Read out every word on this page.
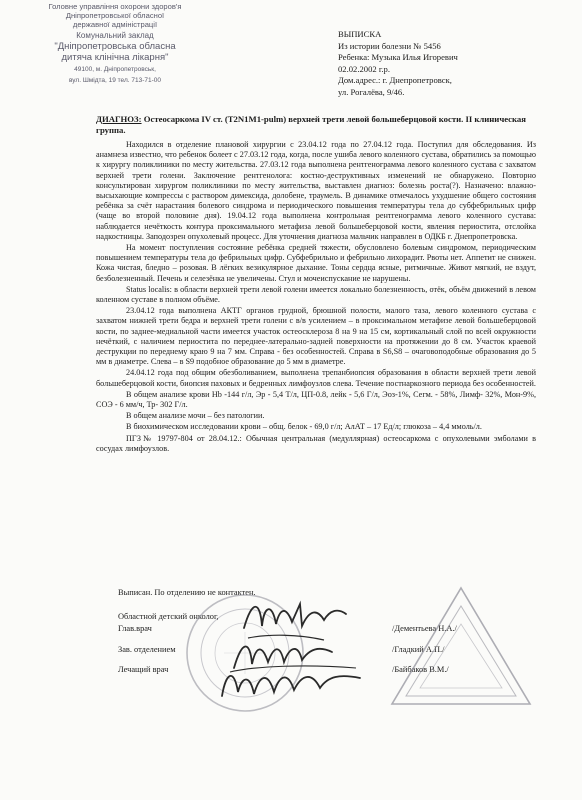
Головне управління охорони здоров'я
Дніпропетровської обласної
державної адміністрації
Комунальний заклад
"Дніпропетровська обласна
дитяча клінічна лікарня"
49100, м. Дніпропетровськ,
вул. Шмідта, 19 тел. 713-71-00
ВЫПИСКА
Из истории болезни № 5456
Ребенка: Музыка Илья Игоревич
02.02.2002 г.р.
Дом.адрес.: г. Днепропетровск,
ул. Рогалёва, 9/46.
ДИАГНОЗ: Остеосаркома IV ст. (T2N1M1-pulm) верхней трети левой большеберцовой кости. II клиническая группа.

Находился в отделение плановой хирургии с 23.04.12 года по 27.04.12 года. Поступил для обследования. Из анамнеза известно, что ребенок болеет с 27.03.12 года, когда, после ушиба левого коленного сустава, обратились за помощью к хирургу поликлиники по месту жительства. 27.03.12 года выполнена рентгенограмма левого коленного сустава с захватом верхней трети голени. Заключение рентгенолога: костно-деструктивных изменений не обнаружено. Повторно консультирован хирургом поликлиники по месту жительства, выставлен диагноз: болезнь роста(?). Назначено: влажно-высыхающие компрессы с раствором димексида, долобене, траумель. В динамике отмечалось ухудшение общего состояния ребёнка за счёт нарастания болевого синдрома и периодического повышения температуры тела до субфебрильных цифр (чаще во второй половине дня). 19.04.12 года выполнена контрольная рентгенограмма левого коленного сустава: наблюдается нечёткость контура проксимального метафиза левой большеберцовой кости, явления периостита, отслойка надкостницы. Заподозрен опухолевый процесс. Для уточнения диагноза мальчик направлен в ОДКБ г. Днепропетровска.

На момент поступления состояние ребёнка средней тяжести, обусловлено болевым синдромом, периодическим повышением температуры тела до фебрильных цифр. Субфебрильно и фебрильно лихорадит. Рвоты нет. Аппетит не снижен. Кожа чистая, бледно – розовая. В лёгких везикулярное дыхание. Тоны сердца ясные, ритмичные. Живот мягкий, не вздут, безболезненный. Печень и селезёнка не увеличены. Стул и мочеиспускание не нарушены.

Status localis: в области верхней трети левой голени имеется локально болезненность, отёк, объём движений в левом коленном суставе в полном объёме.

23.04.12 года выполнена АКТГ органов грудной, брюшной полости, малого таза, левого коленного сустава с захватом нижней трети бедра и верхней трети голени с в/в усилением – в проксимальном метафизе левой большеберцовой кости, по заднее-медиальной части имеется участок остеосклероза 8 на 9 на 15 см, кортикальный слой по всей окружности нечёткий, с наличием периостита по переднее-латерально-задней поверхности на протяжении до 8 см. Участок краевой деструкции по переднему краю 9 на 7 мм. Справа - без особенностей. Справа в S6,S8 – очаговоподобные образования до 5 мм в диаметре. Слева – в S9 подобное образование до 5 мм в диаметре.

24.04.12 года под общим обезболиванием, выполнена трепанбиопсия образования в области верхней трети левой большеберцовой кости, биопсия паховых и бедренных лимфоузлов слева. Течение постнаркозного периода без особенностей.

В общем анализе крови Нb -144 г/л, Эр - 5,4 Т/л, ЦП-0.8, лейк - 5,6 Г/л, Эоз-1%, Сегм. - 58%, Лимф- 32%, Мон-9%, СОЭ - 6 мм/ч, Тр- 302 Г/л.

В общем анализе мочи – без патологии.

В биохимическом исследовании крови – общ. белок - 69,0 г/л; АлАТ – 17 Ед/л; глюкоза – 4,4 ммоль/л.

ПГЗ№ 19797-804 от 28.04.12.: Обычная центральная (медуллярная) остеосаркома с опухолевыми эмболами в сосудах лимфоузлов.

Выписан. По отделению не контактен.
Областной детский онколог,
Глав.врач	/Дементьева Н.А./
Зав. отделением	/Гладкий А.П./
Лечащий врач	/Байбаков В.М./
